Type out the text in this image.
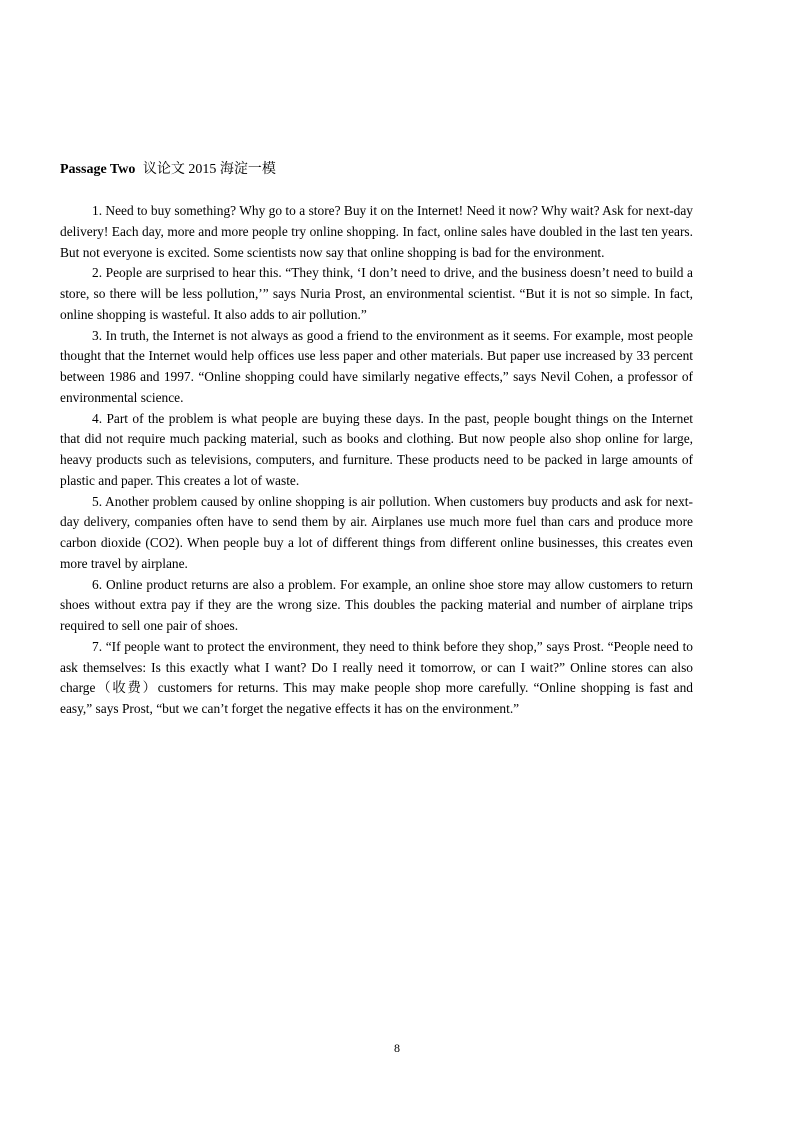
Passage Two 议论文 2015 海淀一模

1. Need to buy something? Why go to a store? Buy it on the Internet! Need it now? Why wait? Ask for next-day delivery! Each day, more and more people try online shopping. In fact, online sales have doubled in the last ten years. But not everyone is excited. Some scientists now say that online shopping is bad for the environment.

2. People are surprised to hear this. “They think, ‘I don’t need to drive, and the business doesn’t need to build a store, so there will be less pollution,’” says Nuria Prost, an environmental scientist. “But it is not so simple. In fact, online shopping is wasteful. It also adds to air pollution.”

3. In truth, the Internet is not always as good a friend to the environment as it seems. For example, most people thought that the Internet would help offices use less paper and other materials. But paper use increased by 33 percent between 1986 and 1997. “Online shopping could have similarly negative effects,” says Nevil Cohen, a professor of environmental science.

4. Part of the problem is what people are buying these days. In the past, people bought things on the Internet that did not require much packing material, such as books and clothing. But now people also shop online for large, heavy products such as televisions, computers, and furniture. These products need to be packed in large amounts of plastic and paper. This creates a lot of waste.

5. Another problem caused by online shopping is air pollution. When customers buy products and ask for next-day delivery, companies often have to send them by air. Airplanes use much more fuel than cars and produce more carbon dioxide (CO2). When people buy a lot of different things from different online businesses, this creates even more travel by airplane.

6. Online product returns are also a problem. For example, an online shoe store may allow customers to return shoes without extra pay if they are the wrong size. This doubles the packing material and number of airplane trips required to sell one pair of shoes.

7. “If people want to protect the environment, they need to think before they shop,” says Prost. “People need to ask themselves: Is this exactly what I want? Do I really need it tomorrow, or can I wait?” Online stores can also charge（收费）customers for returns. This may make people shop more carefully. “Online shopping is fast and easy,” says Prost, “but we can’t forget the negative effects it has on the environment.”

8
